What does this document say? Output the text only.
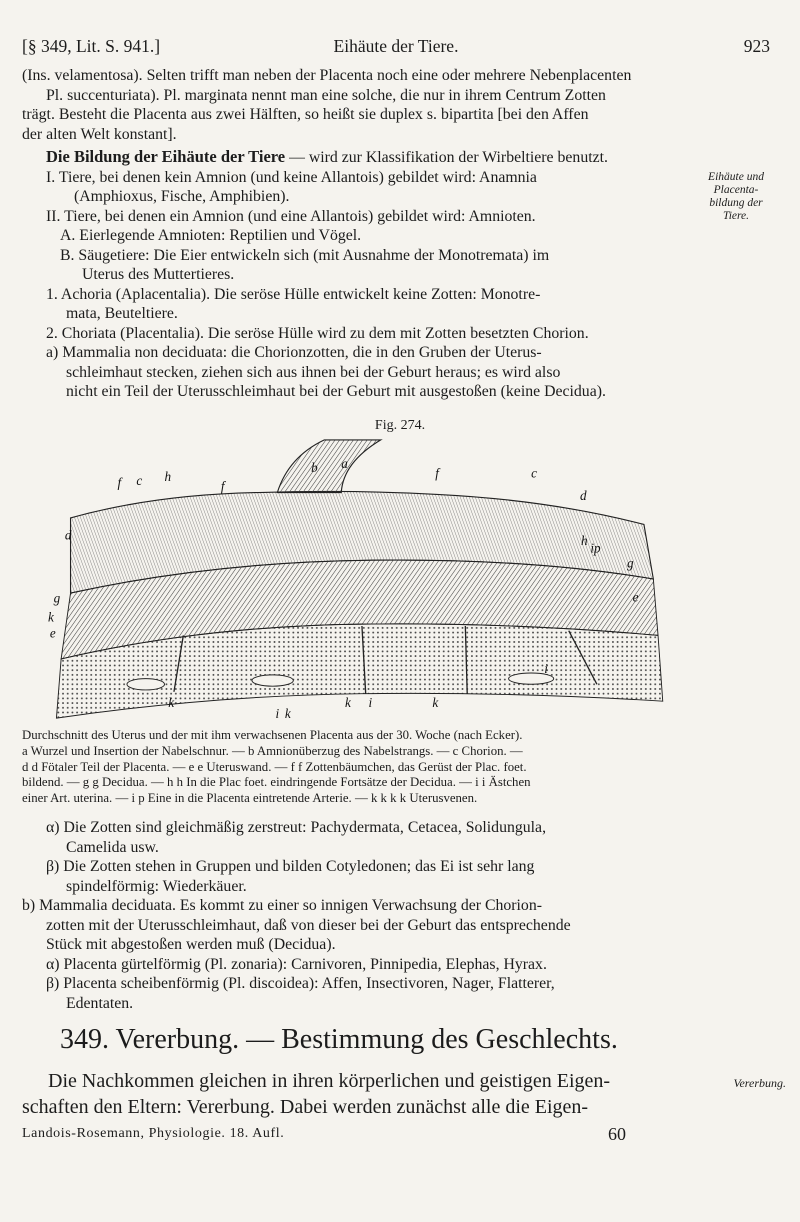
[§ 349, Lit. S. 941.]	Eihäute der Tiere.	923

(Ins. velamentosa). Selten trifft man neben der Placenta noch eine oder mehrere Nebenplacenten

Pl. succenturiata). Pl. marginata nennt man eine solche, die nur in ihrem Centrum Zotten

trägt. Besteht die Placenta aus zwei Hälften, so heißt sie duplex s. bipartita [bei den Affen

der alten Welt konstant].

Die Bildung der Eihäute der Tiere — wird zur Klassifikation der Wirbeltiere benutzt.

I. Tiere, bei denen kein Amnion (und keine Allantois) gebildet wird: Anamnia

(Amphioxus, Fische, Amphibien).

II. Tiere, bei denen ein Amnion (und eine Allantois) gebildet wird: Amnioten.

A. Eierlegende Amnioten: Reptilien und Vögel.

B. Säugetiere: Die Eier entwickeln sich (mit Ausnahme der Monotremata) im

Uterus des Muttertieres.

1. Achoria (Aplacentalia). Die seröse Hülle entwickelt keine Zotten: Monotre-

mata, Beuteltiere.

2. Choriata (Placentalia). Die seröse Hülle wird zu dem mit Zotten besetzten Chorion.

a) Mammalia non deciduata: die Chorionzotten, die in den Gruben der Uterus-

schleimhaut stecken, ziehen sich aus ihnen bei der Geburt heraus; es wird also

nicht ein Teil der Uterusschleimhaut bei der Geburt mit ausgestoßen (keine Decidua).

Eihäute und
Placenta-
bildung der
Tiere.
Fig. 274.
f c h
b a
f
f	c
d
d
h
ip
g
g
k
e
e
i
k	k i	k
i k

Durchschnitt des Uterus und der mit ihm verwachsenen Placenta aus der 30. Woche (nach Ecker).

a Wurzel und Insertion der Nabelschnur. — b Amnionüberzug des Nabelstrangs. — c Chorion. —

d d Fötaler Teil der Placenta. — e e Uteruswand. — f f Zottenbäumchen, das Gerüst der Plac. foet.

bildend. — g g Decidua. — h h In die Plac foet. eindringende Fortsätze der Decidua. — i i Ästchen

einer Art. uterina. — i p Eine in die Placenta eintretende Arterie. — k k k k Uterusvenen.

α) Die Zotten sind gleichmäßig zerstreut: Pachydermata, Cetacea, Solidungula,
Camelida usw.
β) Die Zotten stehen in Gruppen und bilden Cotyledonen; das Ei ist sehr lang
spindelförmig: Wiederkäuer.
b) Mammalia deciduata. Es kommt zu einer so innigen Verwachsung der Chorion-
zotten mit der Uterusschleimhaut, daß von dieser bei der Geburt das entsprechende
Stück mit abgestoßen werden muß (Decidua).
α) Placenta gürtelförmig (Pl. zonaria): Carnivoren, Pinnipedia, Elephas, Hyrax.
β) Placenta scheibenförmig (Pl. discoidea): Affen, Insectivoren, Nager, Flatterer,
Edentaten.
349. Vererbung. — Bestimmung des Geschlechts.
Die Nachkommen gleichen in ihren körperlichen und geistigen Eigen-
schaften den Eltern: Vererbung. Dabei werden zunächst alle die Eigen-
Vererbung.
Landois-Rosemann, Physiologie. 18. Aufl.	60
